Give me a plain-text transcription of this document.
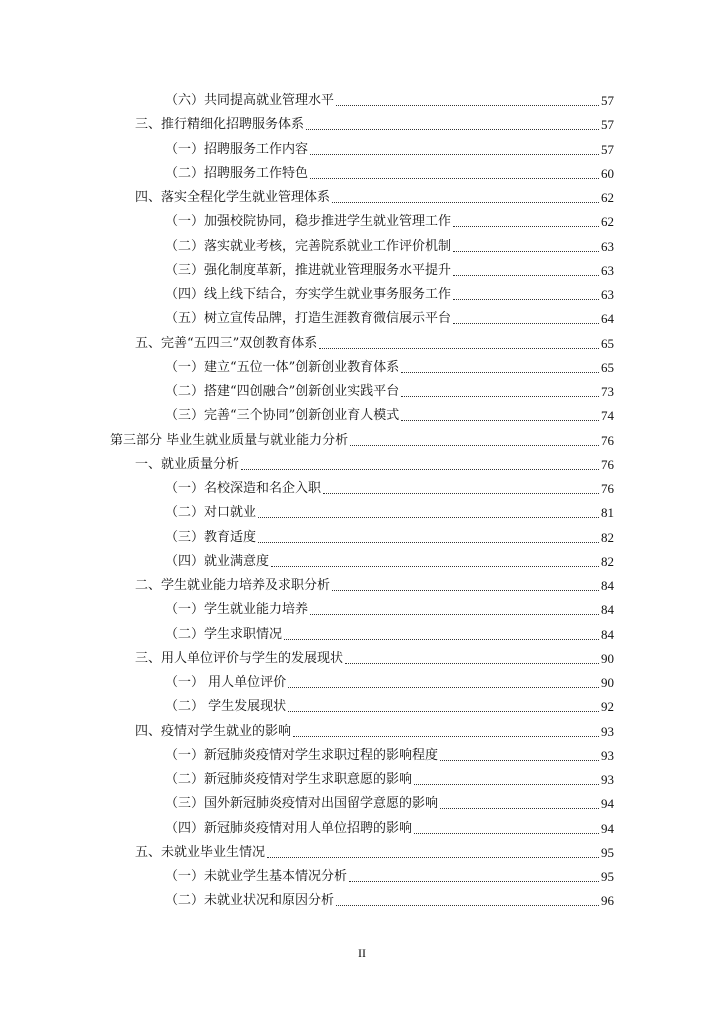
（六）共同提高就业管理水平	57
三、推行精细化招聘服务体系	57
（一）招聘服务工作内容	57
（二）招聘服务工作特色	60
四、落实全程化学生就业管理体系	62
（一）加强校院协同，稳步推进学生就业管理工作	62
（二）落实就业考核，完善院系就业工作评价机制	63
（三）强化制度革新，推进就业管理服务水平提升	63
（四）线上线下结合，夯实学生就业事务服务工作	63
（五）树立宣传品牌，打造生涯教育微信展示平台	64
五、完善“五四三”双创教育体系	65
（一）建立“五位一体”创新创业教育体系	65
（二）搭建“四创融合”创新创业实践平台	73
（三）完善“三个协同”创新创业育人模式	74
第三部分 毕业生就业质量与就业能力分析	76
一、就业质量分析	76
（一）名校深造和名企入职	76
（二）对口就业	81
（三）教育适度	82
（四）就业满意度	82
二、学生就业能力培养及求职分析	84
（一）学生就业能力培养	84
（二）学生求职情况	84
三、用人单位评价与学生的发展现状	90
（一） 用人单位评价	90
（二） 学生发展现状	92
四、疫情对学生就业的影响	93
（一）新冠肺炎疫情对学生求职过程的影响程度	93
（二）新冠肺炎疫情对学生求职意愿的影响	93
（三）国外新冠肺炎疫情对出国留学意愿的影响	94
（四）新冠肺炎疫情对用人单位招聘的影响	94
五、未就业毕业生情况	95
（一）未就业学生基本情况分析	95
（二）未就业状况和原因分析	96
II
